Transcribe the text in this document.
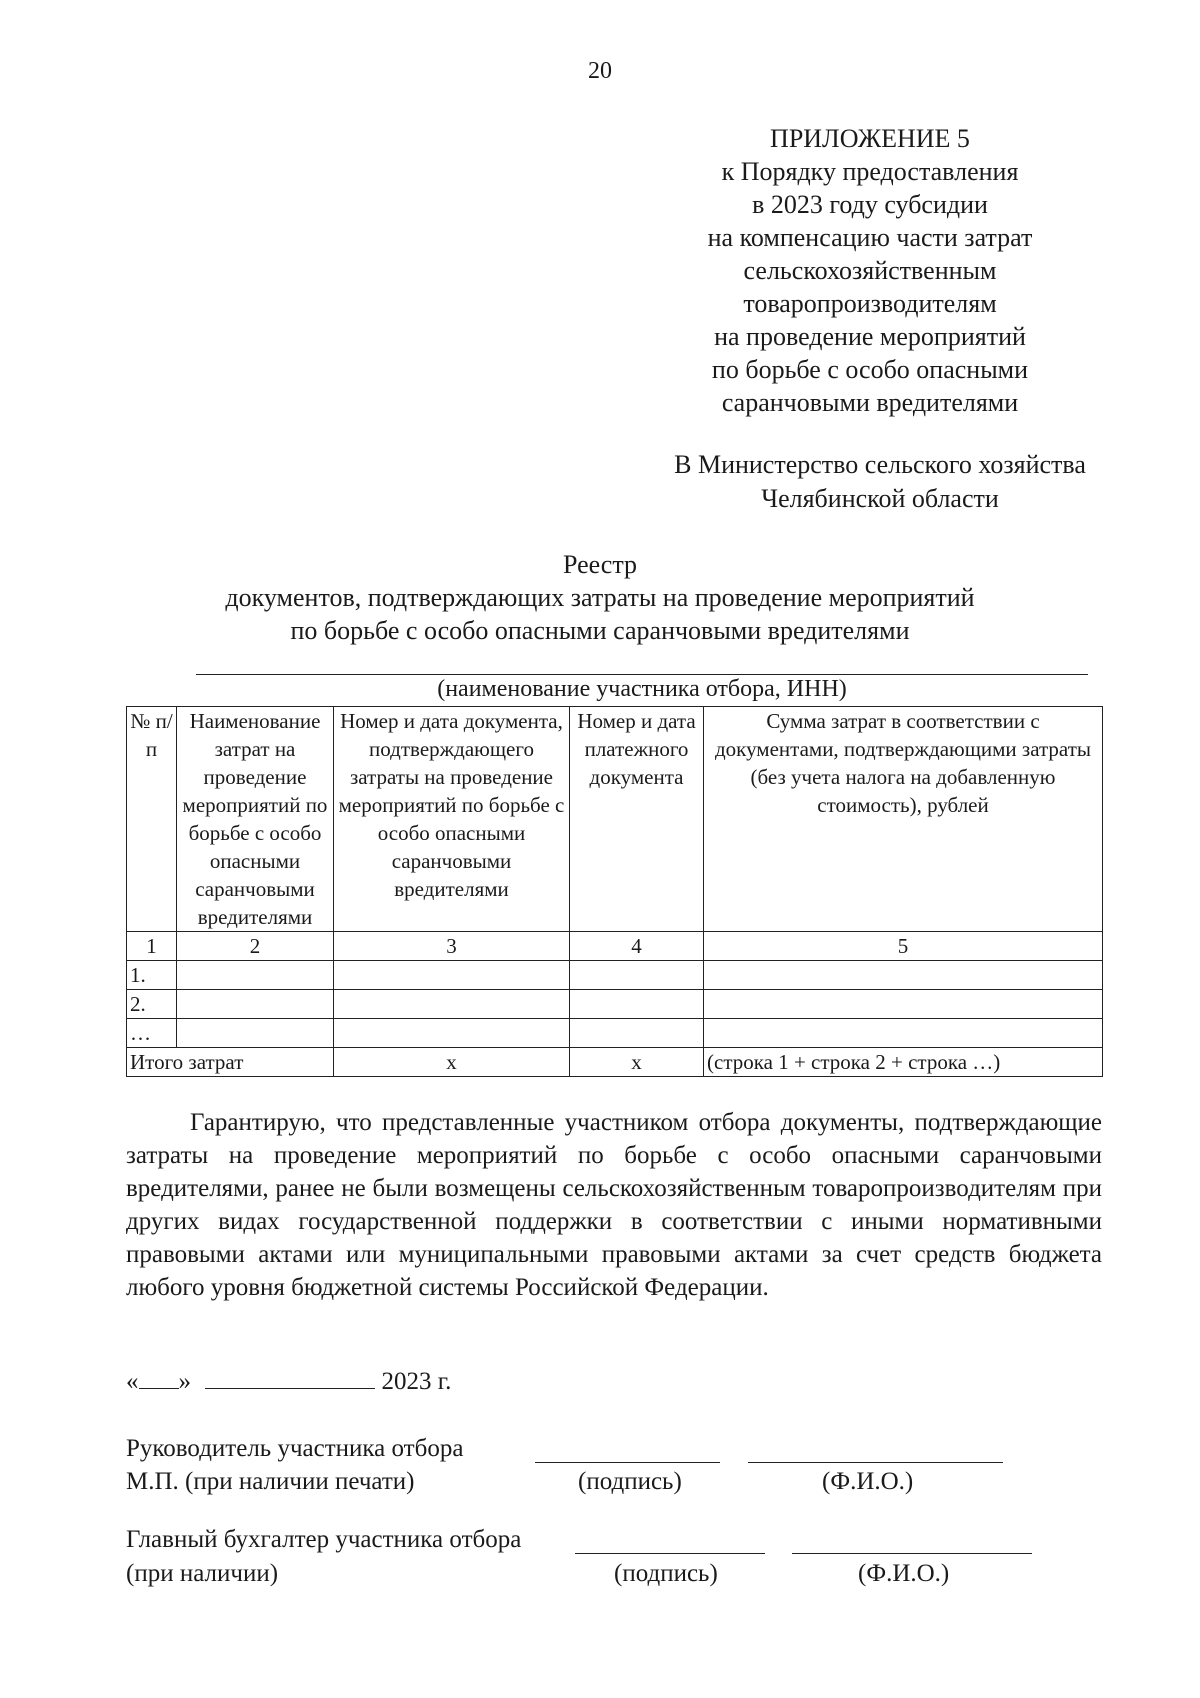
20
ПРИЛОЖЕНИЕ 5
к Порядку предоставления
в 2023 году субсидии
на компенсацию части затрат
сельскохозяйственным
товаропроизводителям
на проведение мероприятий
по борьбе с особо опасными
саранчовыми вредителями
В Министерство сельского хозяйства
Челябинской области
Реестр
документов, подтверждающих затраты на проведение мероприятий
по борьбе с особо опасными саранчовыми вредителями
(наименование участника отбора, ИНН)
№ п/п	Наименование затрат на проведение мероприятий по борьбе с особо опасными саранчовыми вредителями	Номер и дата документа, подтверждающего затраты на проведение мероприятий по борьбе с особо опасными саранчовыми вредителями	Номер и дата платежного документа	Сумма затрат в соответствии с документами, подтверждающими затраты (без учета налога на добавленную стоимость), рублей
1	2	3	4	5
1.				
2.				
…				
Итого затрат		x	x	(строка 1 + строка 2 + строка …)
Гарантирую, что представленные участником отбора документы, подтверждающие затраты на проведение мероприятий по борьбе с особо опасными саранчовыми вредителями, ранее не были возмещены сельскохозяйственным товаропроизводителям при других видах государственной поддержки в соответствии с иными нормативными правовыми актами или муниципальными правовыми актами за счет средств бюджета любого уровня бюджетной системы Российской Федерации.
« »	2023 г.
Руководитель участника отбора
М.П. (при наличии печати)	(подпись)	(Ф.И.О.)
Главный бухгалтер участника отбора
(при наличии)	(подпись)	(Ф.И.О.)
